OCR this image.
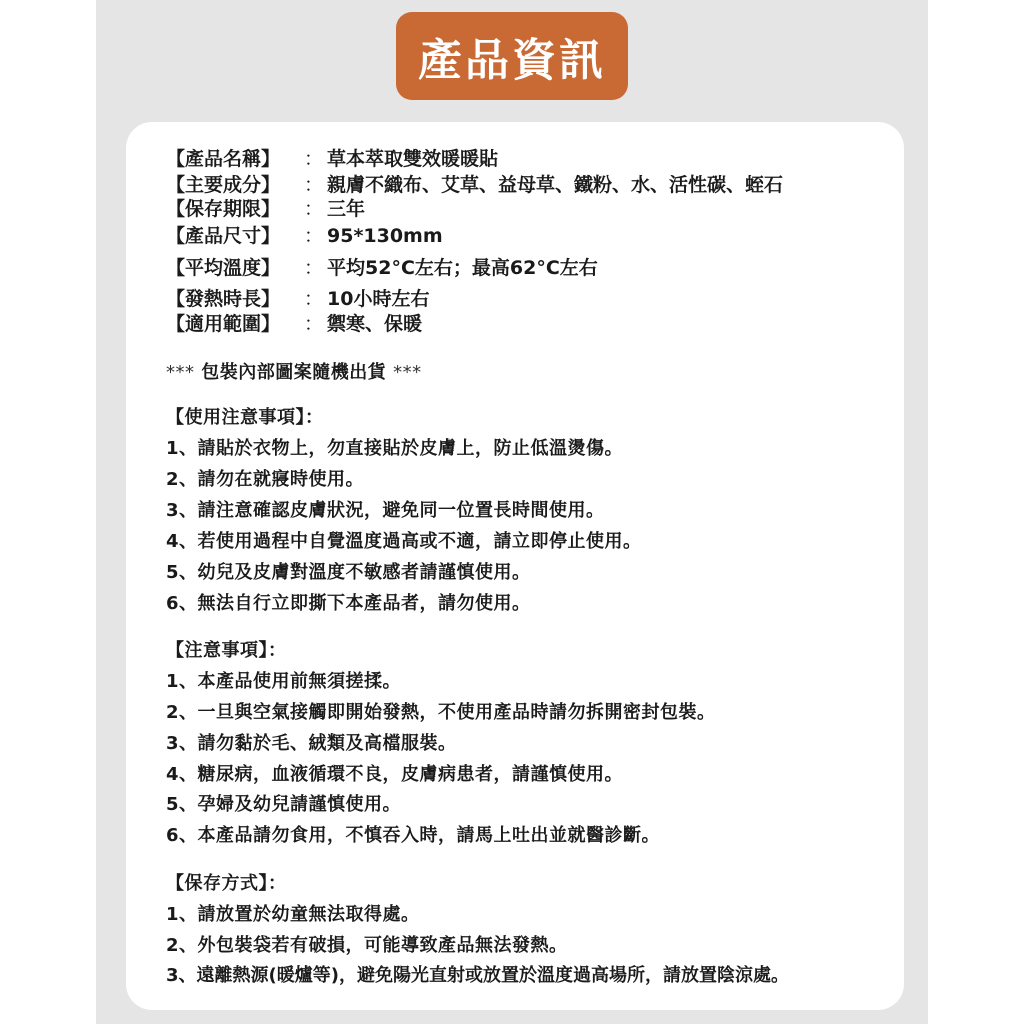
產品資訊
【產品名稱】 ： 草本萃取雙效暖暖貼
【主要成分】 ： 親膚不織布、艾草、益母草、鐵粉、水、活性碳、蛭石
【保存期限】 ： 三年
【產品尺寸】 ： 95*130mm
【平均溫度】 ： 平均52°C左右；最高62°C左右
【發熱時長】 ： 10小時左右
【適用範圍】 ： 禦寒、保暖
*** 包裝內部圖案隨機出貨 ***
【使用注意事項】：
1、請貼於衣物上，勿直接貼於皮膚上，防止低溫燙傷。
2、請勿在就寢時使用。
3、請注意確認皮膚狀況，避免同一位置長時間使用。
4、若使用過程中自覺溫度過高或不適，請立即停止使用。
5、幼兒及皮膚對溫度不敏感者請謹慎使用。
6、無法自行立即撕下本產品者，請勿使用。
【注意事項】：
1、本產品使用前無須搓揉。
2、一旦與空氣接觸即開始發熱，不使用產品時請勿拆開密封包裝。
3、請勿黏於毛、絨類及高檔服裝。
4、糖尿病，血液循環不良，皮膚病患者，請謹慎使用。
5、孕婦及幼兒請謹慎使用。
6、本產品請勿食用，不慎吞入時，請馬上吐出並就醫診斷。
【保存方式】：
1、請放置於幼童無法取得處。
2、外包裝袋若有破損，可能導致產品無法發熱。
3、遠離熱源(暖爐等)，避免陽光直射或放置於溫度過高場所，請放置陰涼處。
